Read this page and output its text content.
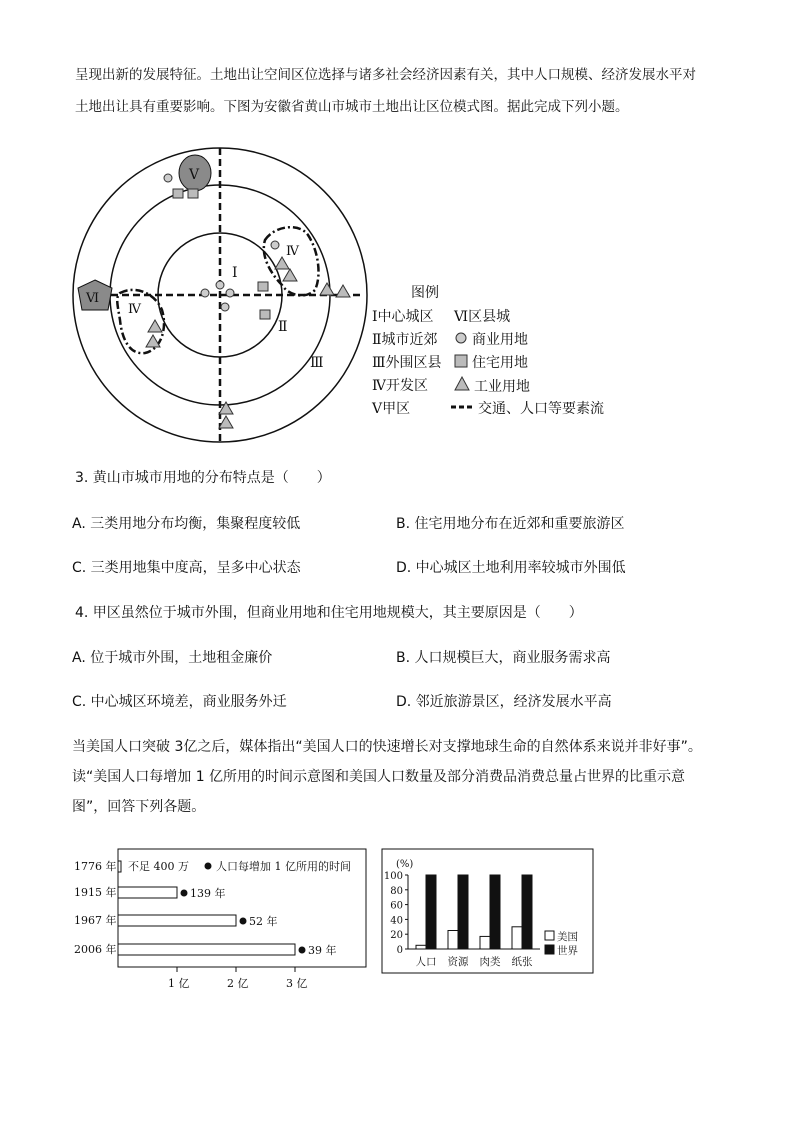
呈现出新的发展特征。土地出让空间区位选择与诸多社会经济因素有关，其中人口规模、经济发展水平对
土地出让具有重要影响。下图为安徽省黄山市城市土地出让区位模式图。据此完成下列小题。
Ⅴ
Ⅵ
Ⅳ
Ⅳ
Ⅰ
Ⅱ
Ⅲ
图例
Ⅰ中心城区 Ⅵ区县城
Ⅱ城市近郊 商业用地
Ⅲ外围区县 住宅用地
Ⅳ开发区	工业用地
Ⅴ甲区	交通、人口等要素流
3. 黄山市城市用地的分布特点是（　　）
A. 三类用地分布均衡，集聚程度较低	B. 住宅用地分布在近郊和重要旅游区
C. 三类用地集中度高，呈多中心状态	D. 中心城区土地利用率较城市外围低
4. 甲区虽然位于城市外围，但商业用地和住宅用地规模大，其主要原因是（　　）
A. 位于城市外围，土地租金廉价	B. 人口规模巨大，商业服务需求高
C. 中心城区环境差，商业服务外迁	D. 邻近旅游景区，经济发展水平高
当美国人口突破 3亿之后，媒体指出“美国人口的快速增长对支撑地球生命的自然体系来说并非好事”。
读“美国人口每增加 1 亿所用的时间示意图和美国人口数量及部分消费品消费总量占世界的比重示意
图”，回答下列各题。
1776 年 不足 400 万 人口每增加 1 亿所用的时间
1915 年	139 年
1967 年	52 年
2006 年	39 年
1 亿	2 亿	3 亿
(%)
0
20
40
60
80
100
人口 资源 肉类 纸张
美国
世界
